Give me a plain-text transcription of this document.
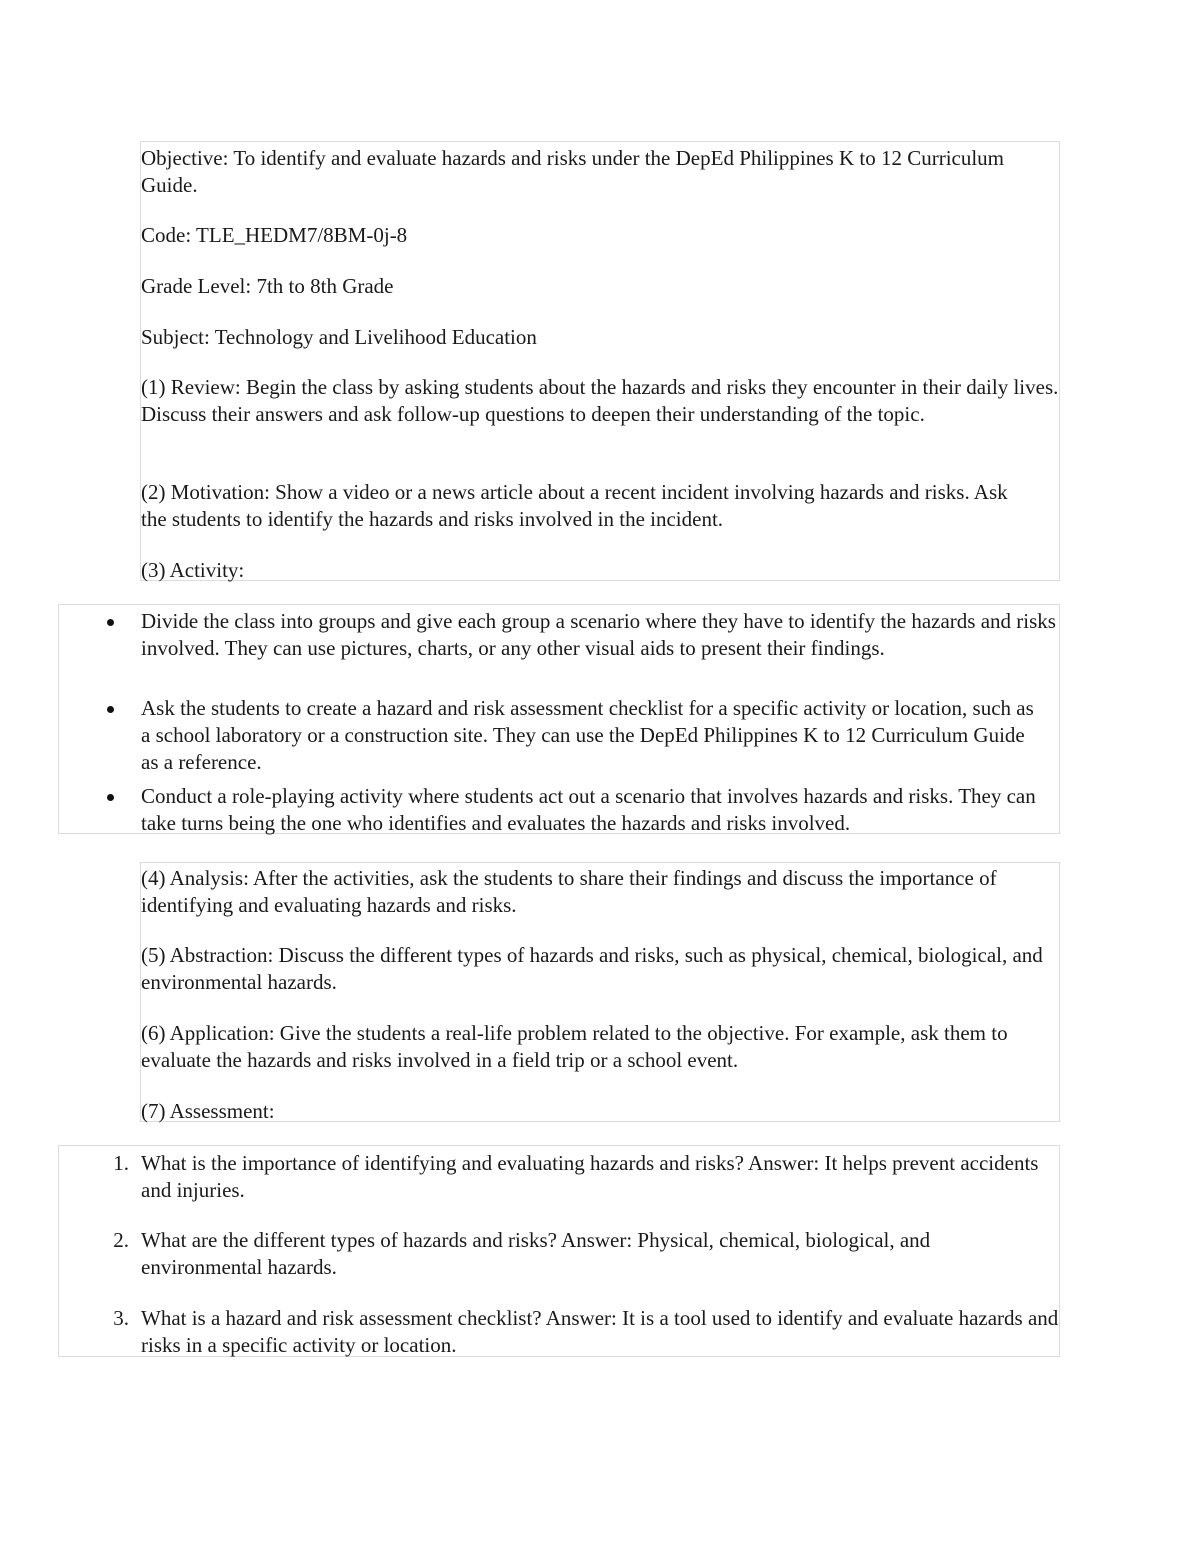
Objective: To identify and evaluate hazards and risks under the DepEd Philippines K to 12 Curriculum Guide.

Code: TLE_HEDM7/8BM-0j-8

Grade Level: 7th to 8th Grade

Subject: Technology and Livelihood Education

(1) Review: Begin the class by asking students about the hazards and risks they encounter in their daily lives. Discuss their answers and ask follow-up questions to deepen their understanding of the topic.

(2) Motivation: Show a video or a news article about a recent incident involving hazards and risks. Ask the students to identify the hazards and risks involved in the incident.

(3) Activity:

Divide the class into groups and give each group a scenario where they have to identify the hazards and risks involved. They can use pictures, charts, or any other visual aids to present their findings.
Ask the students to create a hazard and risk assessment checklist for a specific activity or location, such as a school laboratory or a construction site. They can use the DepEd Philippines K to 12 Curriculum Guide as a reference.
Conduct a role-playing activity where students act out a scenario that involves hazards and risks. They can take turns being the one who identifies and evaluates the hazards and risks involved.

(4) Analysis: After the activities, ask the students to share their findings and discuss the importance of identifying and evaluating hazards and risks.

(5) Abstraction: Discuss the different types of hazards and risks, such as physical, chemical, biological, and environmental hazards.

(6) Application: Give the students a real-life problem related to the objective. For example, ask them to evaluate the hazards and risks involved in a field trip or a school event.

(7) Assessment:

1. What is the importance of identifying and evaluating hazards and risks? Answer: It helps prevent accidents and injuries.
2. What are the different types of hazards and risks? Answer: Physical, chemical, biological, and environmental hazards.
3. What is a hazard and risk assessment checklist? Answer: It is a tool used to identify and evaluate hazards and risks in a specific activity or location.
